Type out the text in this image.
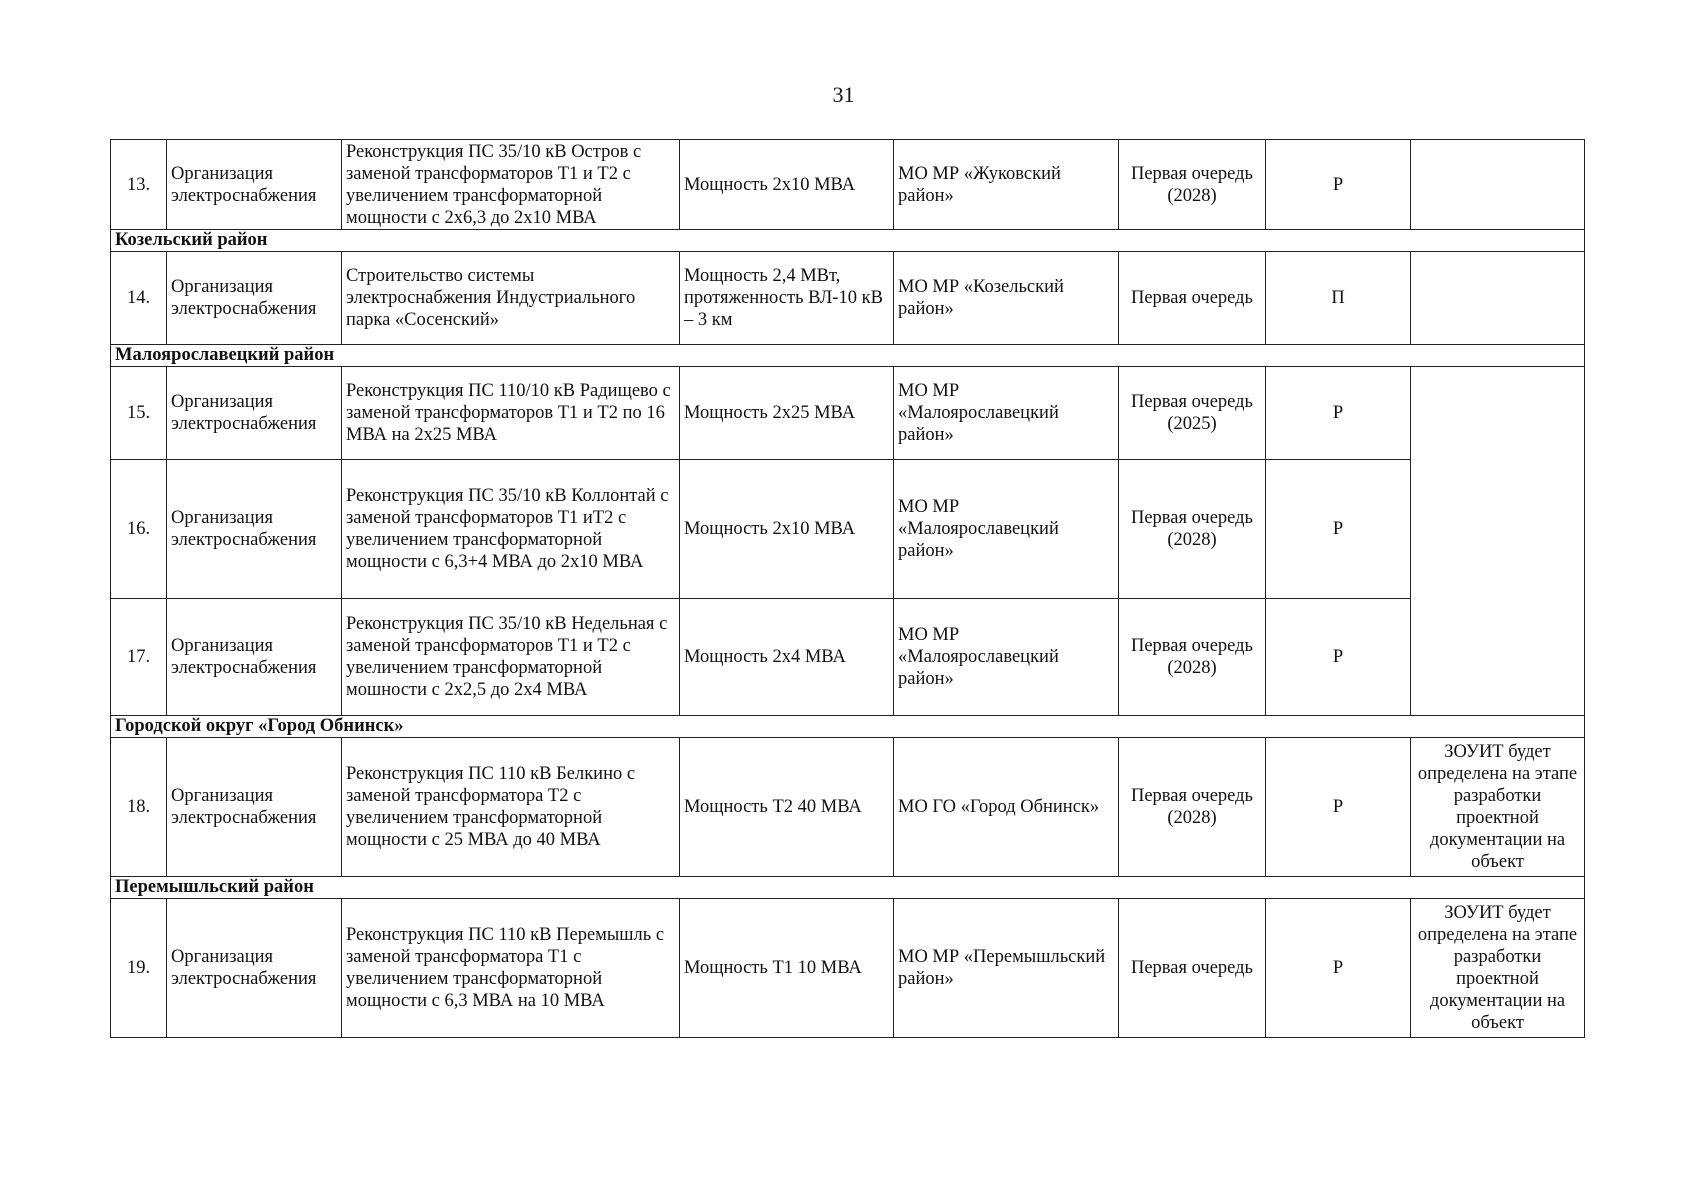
31
13.	Организация электроснабжения	Реконструкция ПС 35/10 кВ Остров с заменой трансформаторов Т1 и Т2 с увеличением трансформаторной мощности с 2х6,3 до 2х10 МВА	Мощность 2х10 МВА	МО МР «Жуковский район»	Первая очередь (2028)	Р	
Козельский район							
14.	Организация электроснабжения	Строительство системы электроснабжения Индустриального парка «Сосенский»	Мощность 2,4 МВт, протяженность ВЛ-10 кВ – 3 км	МО МР «Козельский район»	Первая очередь	П	
Малоярославецкий район							
15.	Организация электроснабжения	Реконструкция ПС 110/10 кВ Радищево с заменой трансформаторов Т1 и Т2 по 16 МВА на 2х25 МВА	Мощность 2х25 МВА	МО МР «Малоярославецкий район»	Первая очередь (2025)	Р	
16.	Организация электроснабжения	Реконструкция ПС 35/10 кВ Коллонтай с заменой трансформаторов Т1 иТ2 с увеличением трансформаторной мощности с 6,3+4 МВА до 2х10 МВА	Мощность 2х10 МВА	МО МР «Малоярославецкий район»	Первая очередь (2028)	Р	
17.	Организация электроснабжения	Реконструкция ПС 35/10 кВ Недельная с заменой трансформаторов Т1 и Т2 с увеличением трансформаторной мошности с 2х2,5 до 2х4 МВА	Мощность 2х4 МВА	МО МР «Малоярославецкий район»	Первая очередь (2028)	Р	
Городской округ «Город Обнинск»							
18.	Организация электроснабжения	Реконструкция ПС 110 кВ Белкино с заменой трансформатора Т2 с увеличением трансформаторной мощности с 25 МВА до 40 МВА	Мощность Т2 40 МВА	МО ГО «Город Обнинск»	Первая очередь (2028)	Р	ЗОУИТ будет определена на этапе разработки проектной документации на объект
Перемышльский район							
19.	Организация электроснабжения	Реконструкция ПС 110 кВ Перемышль с заменой трансформатора Т1 с увеличением трансформаторной мощности с 6,3 МВА на 10 МВА	Мощность Т1 10 МВА	МО МР «Перемышльский район»	Первая очередь	Р	ЗОУИТ будет определена на этапе разработки проектной документации на объект
